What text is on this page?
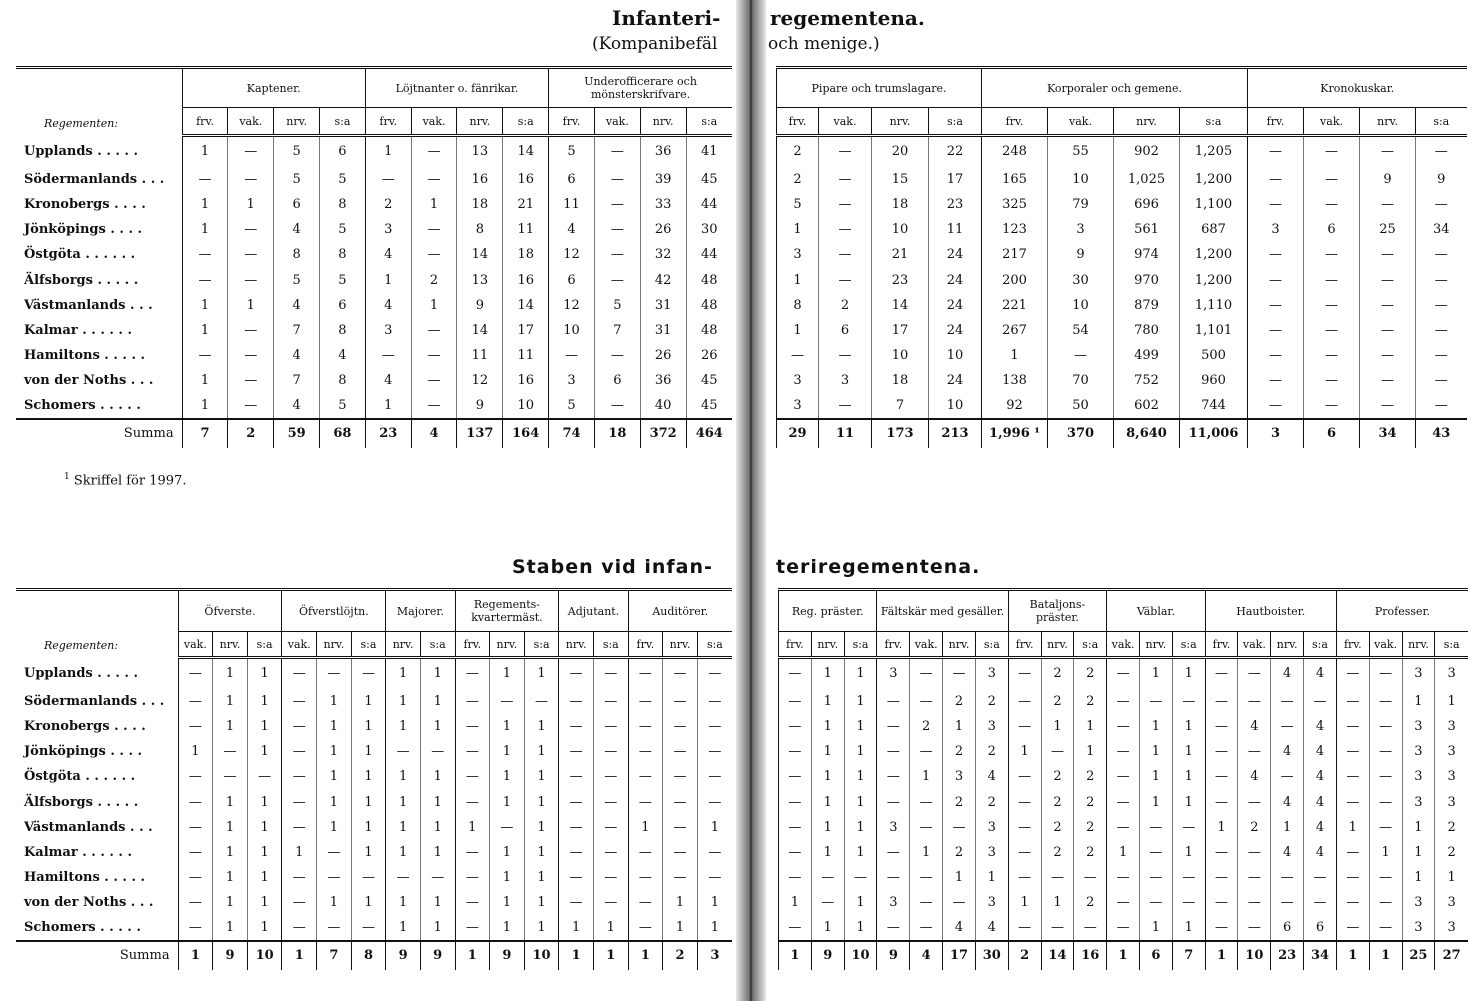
Infanteri-
(Kompanibefäl
regementena.
och menige.)
Staben vid infan-	teriregementena.
$^1$ Skriffel för 1997.
Regementen:	Kaptener.				Löjtnanter o. fänrikar.				Underofficerare och mönsterskrifvare.			
	frv.	vak.	nrv.	s:a	frv.	vak.	nrv.	s:a	frv.	vak.	nrv.	s:a
Upplands . . . . .	1	—	5	6	1	—	13	14	5	—	36	41
Södermanlands . . .	—	—	5	5	—	—	16	16	6	—	39	45
Kronobergs . . . .	1	1	6	8	2	1	18	21	11	—	33	44
Jönköpings . . . .	1	—	4	5	3	—	8	11	4	—	26	30
Östgöta . . . . . .	—	—	8	8	4	—	14	18	12	—	32	44
Älfsborgs . . . . .	—	—	5	5	1	2	13	16	6	—	42	48
Västmanlands . . .	1	1	4	6	4	1	9	14	12	5	31	48
Kalmar . . . . . .	1	—	7	8	3	—	14	17	10	7	31	48
Hamiltons . . . . .	—	—	4	4	—	—	11	11	—	—	26	26
von der Noths . . .	1	—	7	8	4	—	12	16	3	6	36	45
Schomers . . . . .	1	—	4	5	1	—	9	10	5	—	40	45
Summa	7	2	59	68	23	4	137	164	74	18	372	464
Pipare och trumslagare.				Korporaler och gemene.				Kronokuskar.			
frv.	vak.	nrv.	s:a	frv.	vak.	nrv.	s:a	frv.	vak.	nrv.	s:a
2	—	20	22	248	55	902	1,205	—	—	—	—
2	—	15	17	165	10	1,025	1,200	—	—	9	9
5	—	18	23	325	79	696	1,100	—	—	—	—
1	—	10	11	123	3	561	687	3	6	25	34
3	—	21	24	217	9	974	1,200	—	—	—	—
1	—	23	24	200	30	970	1,200	—	—	—	—
8	2	14	24	221	10	879	1,110	—	—	—	—
1	6	17	24	267	54	780	1,101	—	—	—	—
—	—	10	10	1	—	499	500	—	—	—	—
3	3	18	24	138	70	752	960	—	—	—	—
3	—	7	10	92	50	602	744	—	—	—	—
29	11	173	213	1,996 ¹	370	8,640	11,006	3	6	34	43
Regementen:	Öfverste.			Öfverstlöjtn.			Majorer.		Regements-kvartermäst.			Adjutant.		Auditörer.		
	vak.	nrv.	s:a	vak.	nrv.	s:a	nrv.	s:a	frv.	nrv.	s:a	nrv.	s:a	frv.	nrv.	s:a
Upplands . . . . .	—	1	1	—	—	—	1	1	—	1	1	—	—	—	—	—
Södermanlands . . .	—	1	1	—	1	1	1	1	—	—	—	—	—	—	—	—
Kronobergs . . . .	—	1	1	—	1	1	1	1	—	1	1	—	—	—	—	—
Jönköpings . . . .	1	—	1	—	1	1	—	—	—	1	1	—	—	—	—	—
Östgöta . . . . . .	—	—	—	—	1	1	1	1	—	1	1	—	—	—	—	—
Älfsborgs . . . . .	—	1	1	—	1	1	1	1	—	1	1	—	—	—	—	—
Västmanlands . . .	—	1	1	—	1	1	1	1	1	—	1	—	—	1	—	1
Kalmar . . . . . .	—	1	1	1	—	1	1	1	—	1	1	—	—	—	—	—
Hamiltons . . . . .	—	1	1	—	—	—	—	—	—	1	1	—	—	—	—	—
von der Noths . . .	—	1	1	—	1	1	1	1	—	1	1	—	—	—	1	1
Schomers . . . . .	—	1	1	—	—	—	1	1	—	1	1	1	1	—	1	1
Summa	1	9	10	1	7	8	9	9	1	9	10	1	1	1	2	3
Reg. präster.			Fältskär med gesäller.				Bataljons-präster.			Väblar.			Hautboister.				Professer.			
frv.	nrv.	s:a	frv.	vak.	nrv.	s:a	frv.	nrv.	s:a	vak.	nrv.	s:a	frv.	vak.	nrv.	s:a	frv.	vak.	nrv.	s:a
—	1	1	3	—	—	3	—	2	2	—	1	1	—	—	4	4	—	—	3	3
—	1	1	—	—	2	2	—	2	2	—	—	—	—	—	—	—	—	—	1	1
—	1	1	—	2	1	3	—	1	1	—	1	1	—	4	—	4	—	—	3	3
—	1	1	—	—	2	2	1	—	1	—	1	1	—	—	4	4	—	—	3	3
—	1	1	—	1	3	4	—	2	2	—	1	1	—	4	—	4	—	—	3	3
—	1	1	—	—	2	2	—	2	2	—	1	1	—	—	4	4	—	—	3	3
—	1	1	3	—	—	3	—	2	2	—	—	—	1	2	1	4	1	—	1	2
—	1	1	—	1	2	3	—	2	2	1	—	1	—	—	4	4	—	1	1	2
—	—	—	—	—	1	1	—	—	—	—	—	—	—	—	—	—	—	—	1	1
1	—	1	3	—	—	3	1	1	2	—	—	—	—	—	—	—	—	—	3	3
—	1	1	—	—	4	4	—	—	—	—	1	1	—	—	6	6	—	—	3	3
1	9	10	9	4	17	30	2	14	16	1	6	7	1	10	23	34	1	1	25	27
